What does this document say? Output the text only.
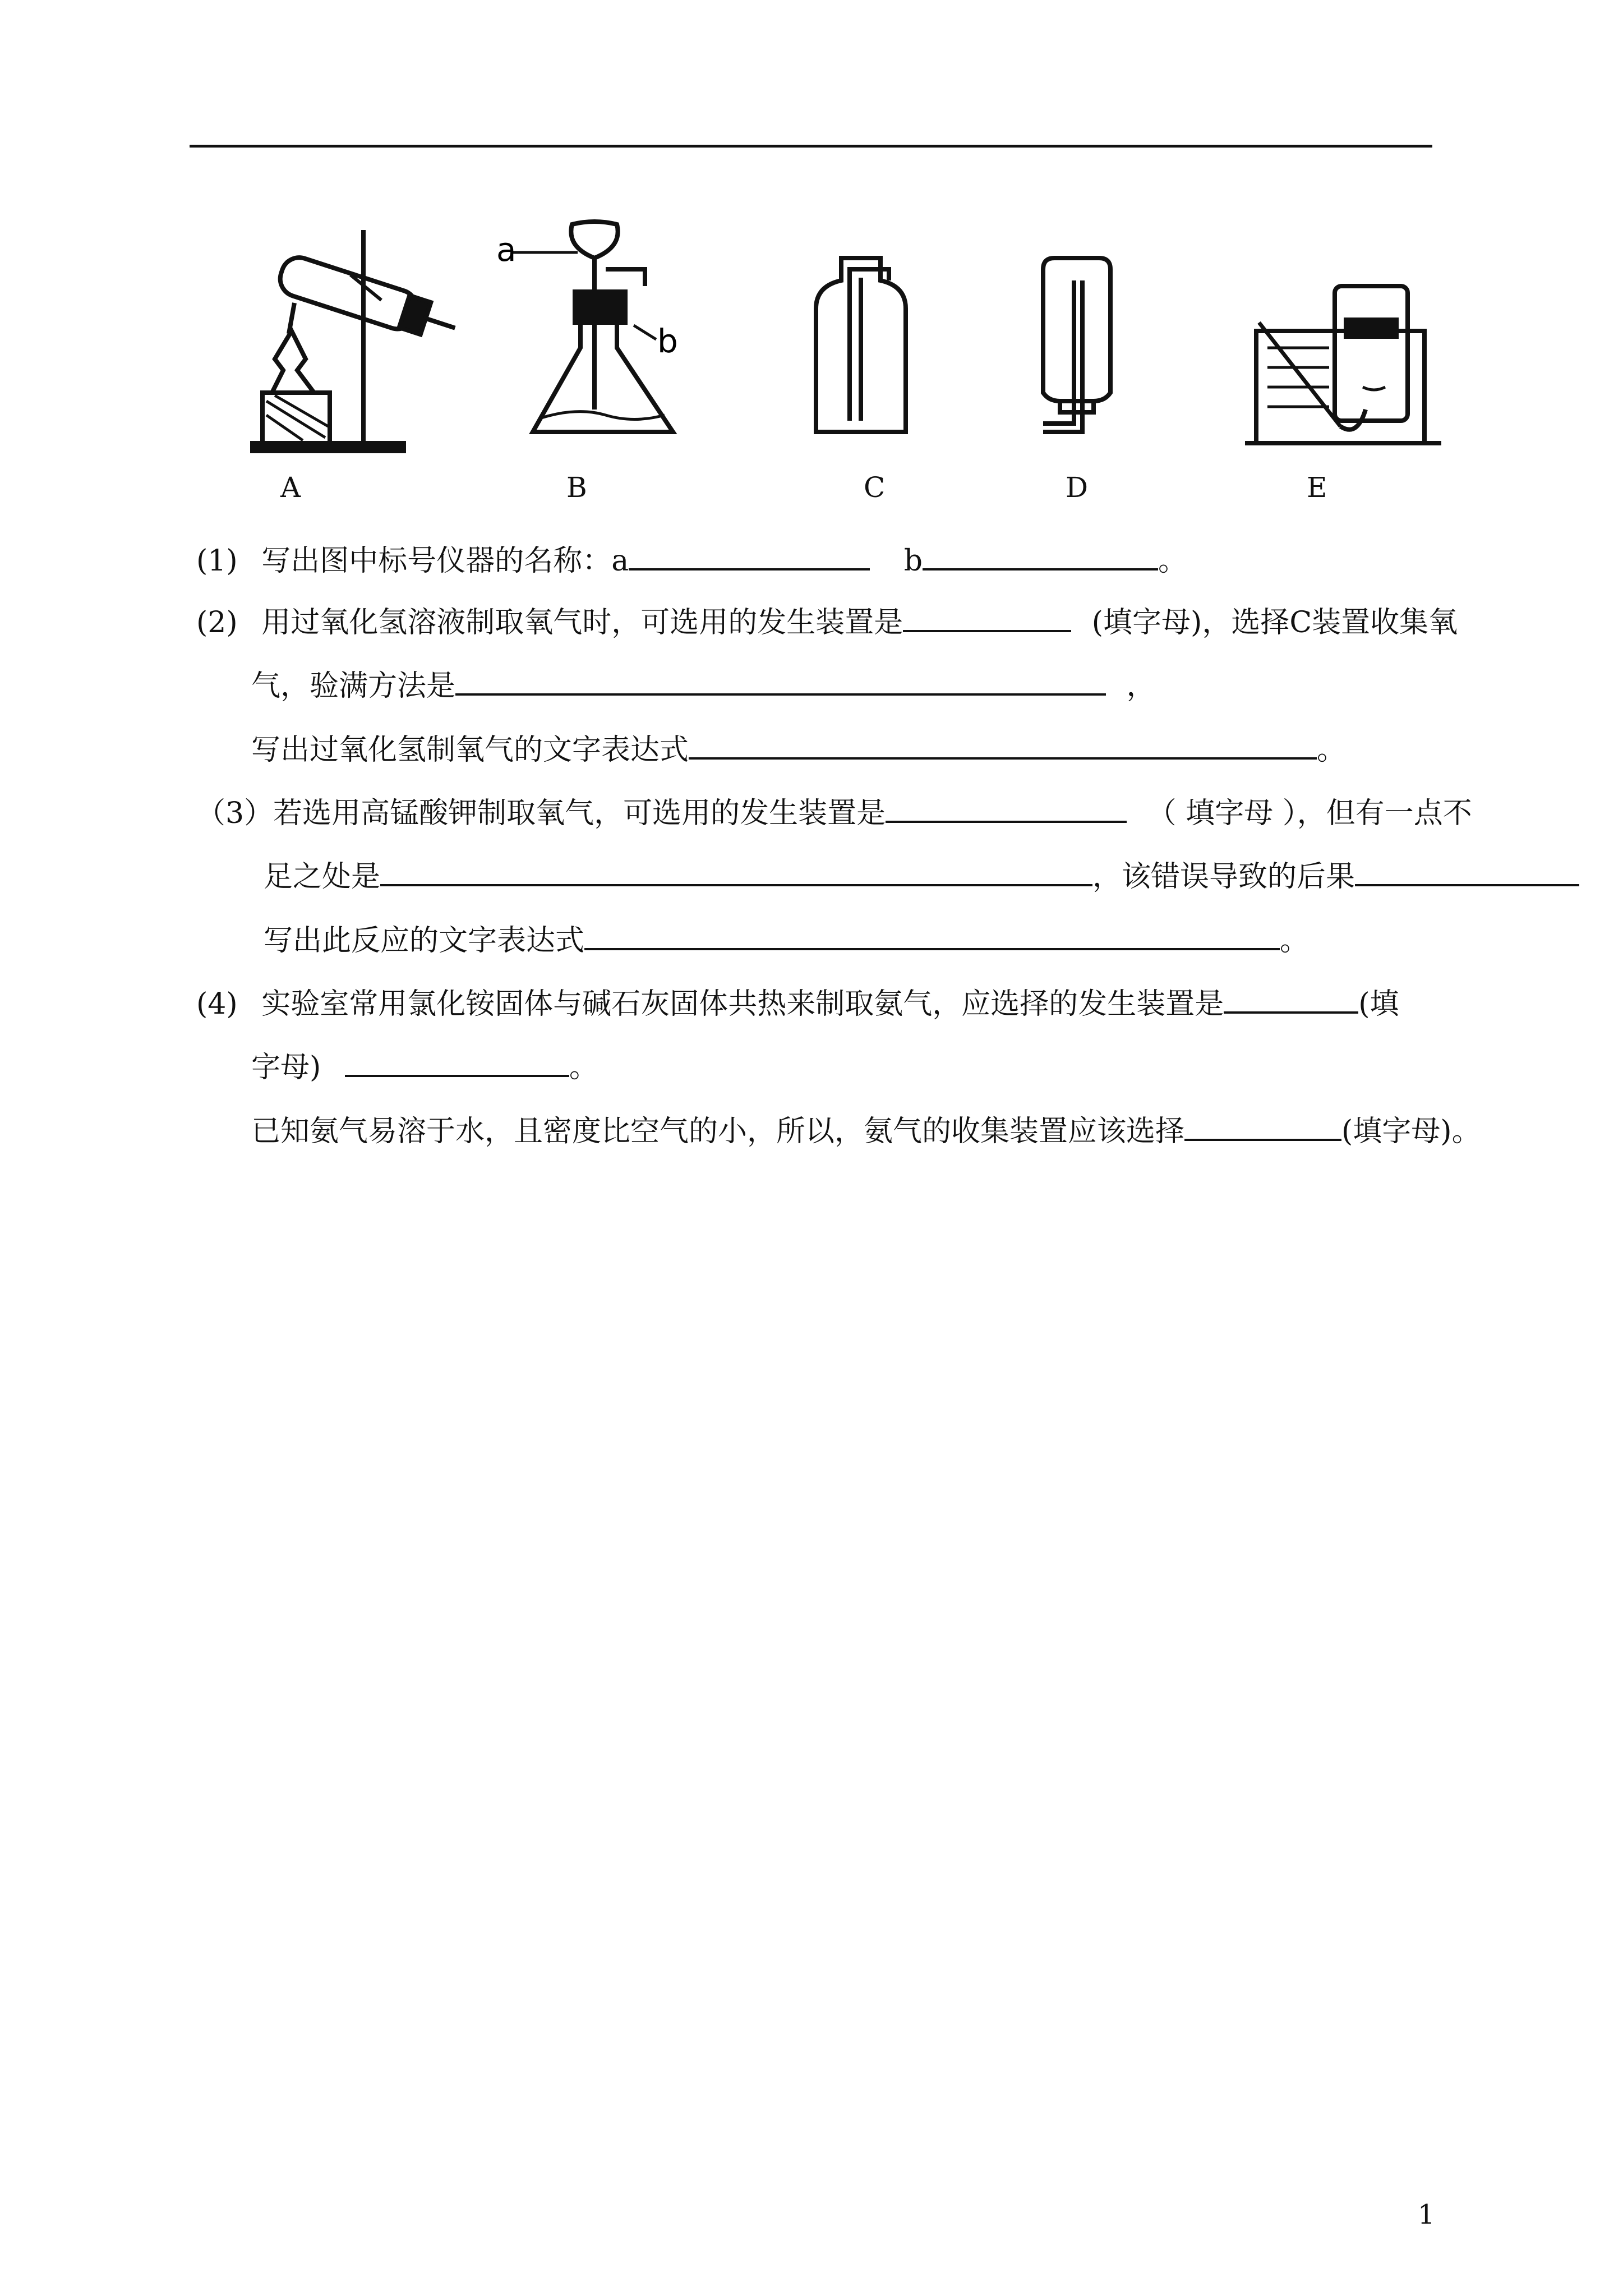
a
b
A	B	C	D	E
(1) 写出图中标号仪器的名称：a	b	。
(2) 用过氧化氢溶液制取氧气时，可选用的发生装置是	(填字母)，选择C装置收集氧
气，验满方法是	，
写出过氧化氢制氧气的文字表达式	。
（3）若选用高锰酸钾制取氧气，可选用的发生装置是	（ 填字母 ），但有一点不
足之处是	，该错误导致的后果
写出此反应的文字表达式	。
(4) 实验室常用氯化铵固体与碱石灰固体共热来制取氨气，应选择的发生装置是	(填
字母)	。
已知氨气易溶于水，且密度比空气的小，所以，氨气的收集装置应该选择	(填字母)。
1
